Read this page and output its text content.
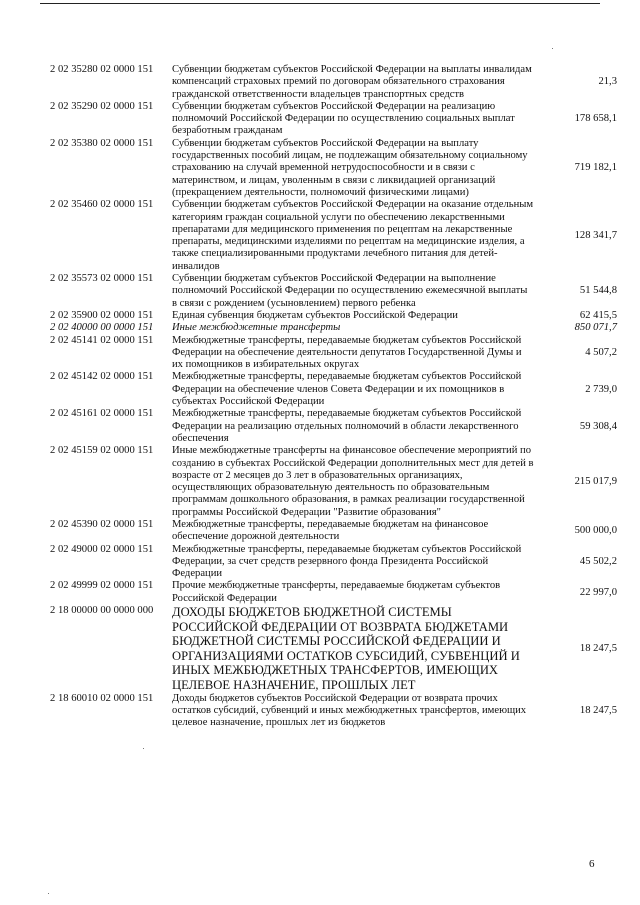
2 02 35280 02 0000 151	Субвенции бюджетам субъектов Российской Федерации на выплаты инвалидам компенсаций страховых премий по договорам обязательного страхования гражданской ответственности владельцев транспортных средств
21,3
2 02 35290 02 0000 151	Субвенции бюджетам субъектов Российской Федерации на реализацию полномочий Российской Федерации по осуществлению социальных выплат безработным гражданам
178 658,1
2 02 35380 02 0000 151	Субвенции бюджетам субъектов Российской Федерации на выплату государственных пособий лицам, не подлежащим обязательному социальному страхованию на случай временной нетрудоспособности и в связи с материнством, и лицам, уволенным в связи с ликвидацией организаций (прекращением деятельности, полномочий физическими лицами)
719 182,1
2 02 35460 02 0000 151	Субвенции бюджетам субъектов Российской Федерации на оказание отдельным категориям граждан социальной услуги по обеспечению лекарственными препаратами для медицинского применения по рецептам на лекарственные препараты, медицинскими изделиями по рецептам на медицинские изделия, а также специализированными продуктами лечебного питания для детей-инвалидов
128 341,7
2 02 35573 02 0000 151	Субвенции бюджетам субъектов Российской Федерации на выполнение полномочий Российской Федерации по осуществлению ежемесячной выплаты в связи с рождением (усыновлением) первого ребенка
51 544,8
2 02 35900 02 0000 151	Единая субвенция бюджетам субъектов Российской Федерации	62 415,5
2 02 40000 00 0000 151	Иные межбюджетные трансферты	850 071,7
2 02 45141 02 0000 151	Межбюджетные трансферты, передаваемые бюджетам субъектов Российской Федерации на обеспечение деятельности депутатов Государственной Думы и их помощников в избирательных округах
4 507,2
2 02 45142 02 0000 151	Межбюджетные трансферты, передаваемые бюджетам субъектов Российской Федерации на обеспечение членов Совета Федерации и их помощников в субъектах Российской Федерации
2 739,0
2 02 45161 02 0000 151	Межбюджетные трансферты, передаваемые бюджетам субъектов Российской Федерации на реализацию отдельных полномочий в области лекарственного обеспечения
59 308,4
2 02 45159 02 0000 151	Иные межбюджетные трансферты на финансовое обеспечение мероприятий по созданию в субъектах Российской Федерации дополнительных мест для детей в возрасте от 2 месяцев до 3 лет в образовательных организациях, осуществляющих образовательную деятельность по образовательным программам дошкольного образования, в рамках реализации государственной программы Российской Федерации "Развитие образования"
215 017,9
2 02 45390 02 0000 151	Межбюджетные трансферты, передаваемые бюджетам на финансовое обеспечение дорожной деятельности
500 000,0
2 02 49000 02 0000 151	Межбюджетные трансферты, передаваемые бюджетам субъектов Российской Федерации, за счет средств резервного фонда Президента Российской Федерации
45 502,2
2 02 49999 02 0000 151	Прочие межбюджетные трансферты, передаваемые бюджетам субъектов Российской Федерации
22 997,0
2 18 00000 00 0000 000	ДОХОДЫ БЮДЖЕТОВ БЮДЖЕТНОЙ СИСТЕМЫ РОССИЙСКОЙ ФЕДЕРАЦИИ ОТ ВОЗВРАТА БЮДЖЕТАМИ БЮДЖЕТНОЙ СИСТЕМЫ РОССИЙСКОЙ ФЕДЕРАЦИИ И ОРГАНИЗАЦИЯМИ ОСТАТКОВ СУБСИДИЙ, СУБВЕНЦИЙ И ИНЫХ МЕЖБЮДЖЕТНЫХ ТРАНСФЕРТОВ, ИМЕЮЩИХ ЦЕЛЕВОЕ НАЗНАЧЕНИЕ, ПРОШЛЫХ ЛЕТ
18 247,5
2 18 60010 02 0000 151	Доходы бюджетов субъектов Российской Федерации от возврата прочих остатков субсидий, субвенций и иных межбюджетных трансфертов, имеющих целевое назначение, прошлых лет из бюджетов
18 247,5
6
